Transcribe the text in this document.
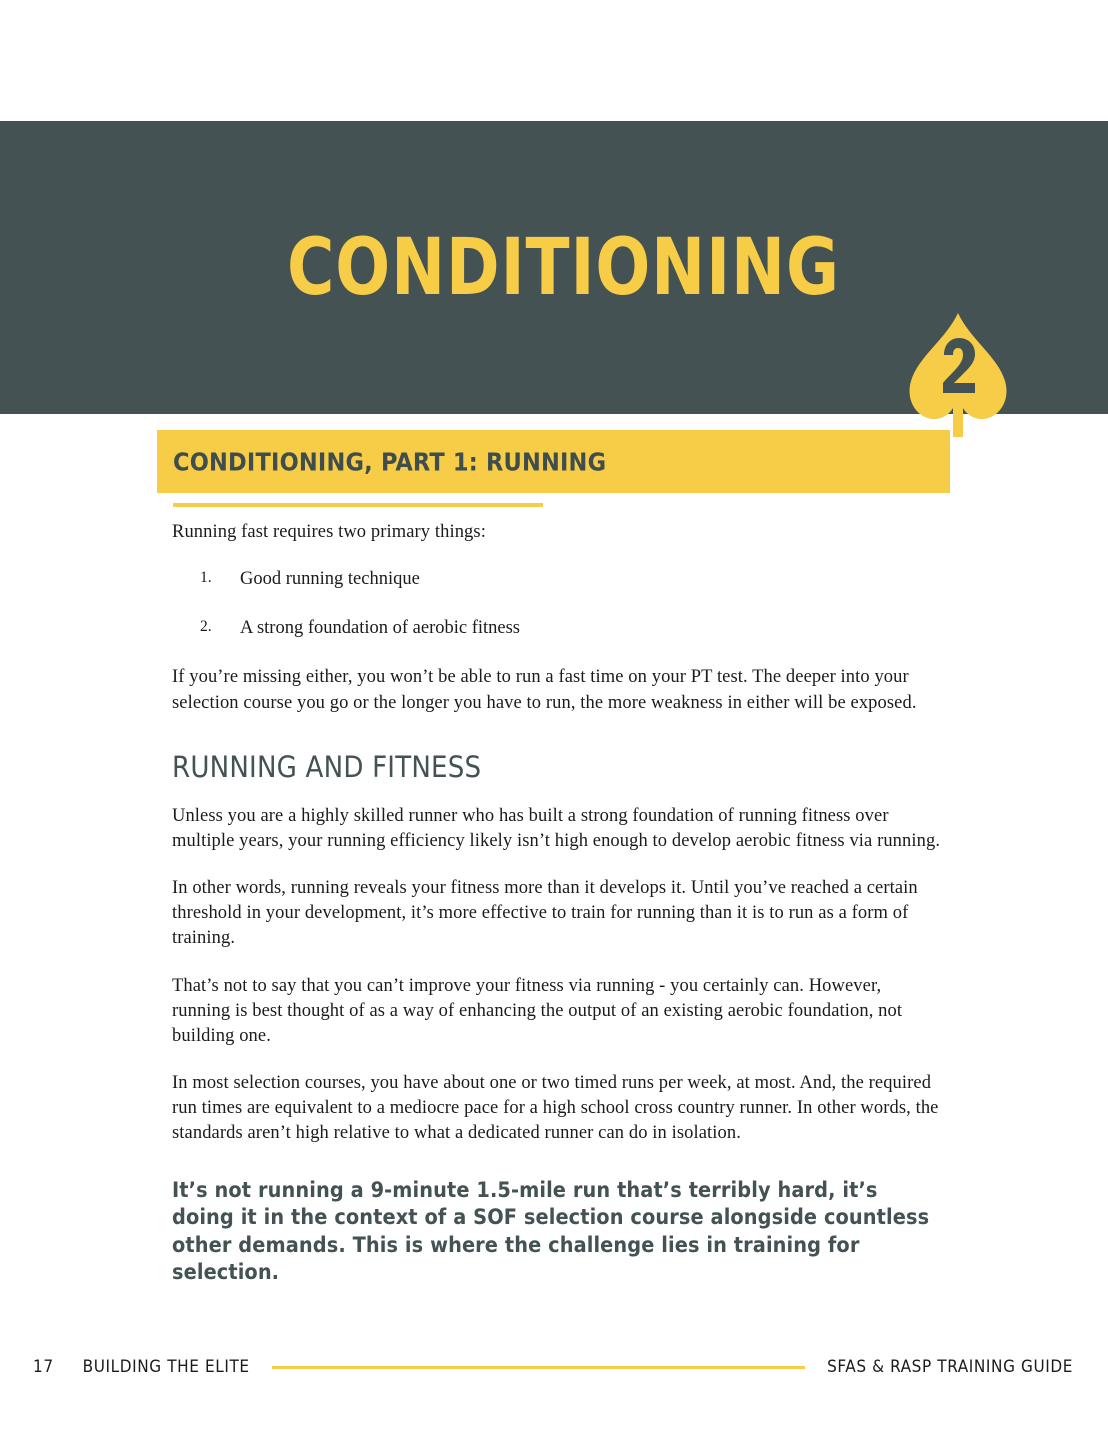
CONDITIONING
CONDITIONING, PART 1: RUNNING

Running fast requires two primary things:

1. Good running technique
2. A strong foundation of aerobic fitness

If you’re missing either, you won’t be able to run a fast time on your PT test. The deeper into your selection course you go or the longer you have to run, the more weakness in either will be exposed.

RUNNING AND FITNESS

Unless you are a highly skilled runner who has built a strong foundation of running fitness over multiple years, your running efficiency likely isn’t high enough to develop aerobic fitness via running.

In other words, running reveals your fitness more than it develops it. Until you’ve reached a certain threshold in your development, it’s more effective to train for running than it is to run as a form of training.

That’s not to say that you can’t improve your fitness via running - you certainly can. However, running is best thought of as a way of enhancing the output of an existing aerobic foundation, not building one.

In most selection courses, you have about one or two timed runs per week, at most. And, the required run times are equivalent to a mediocre pace for a high school cross country runner. In other words, the standards aren’t high relative to what a dedicated runner can do in isolation.

It’s not running a 9-minute 1.5-mile run that’s terribly hard, it’s doing it in the context of a SOF selection course alongside countless other demands. This is where the challenge lies in training for selection.

17 BUILDING THE ELITE	SFAS & RASP TRAINING GUIDE
